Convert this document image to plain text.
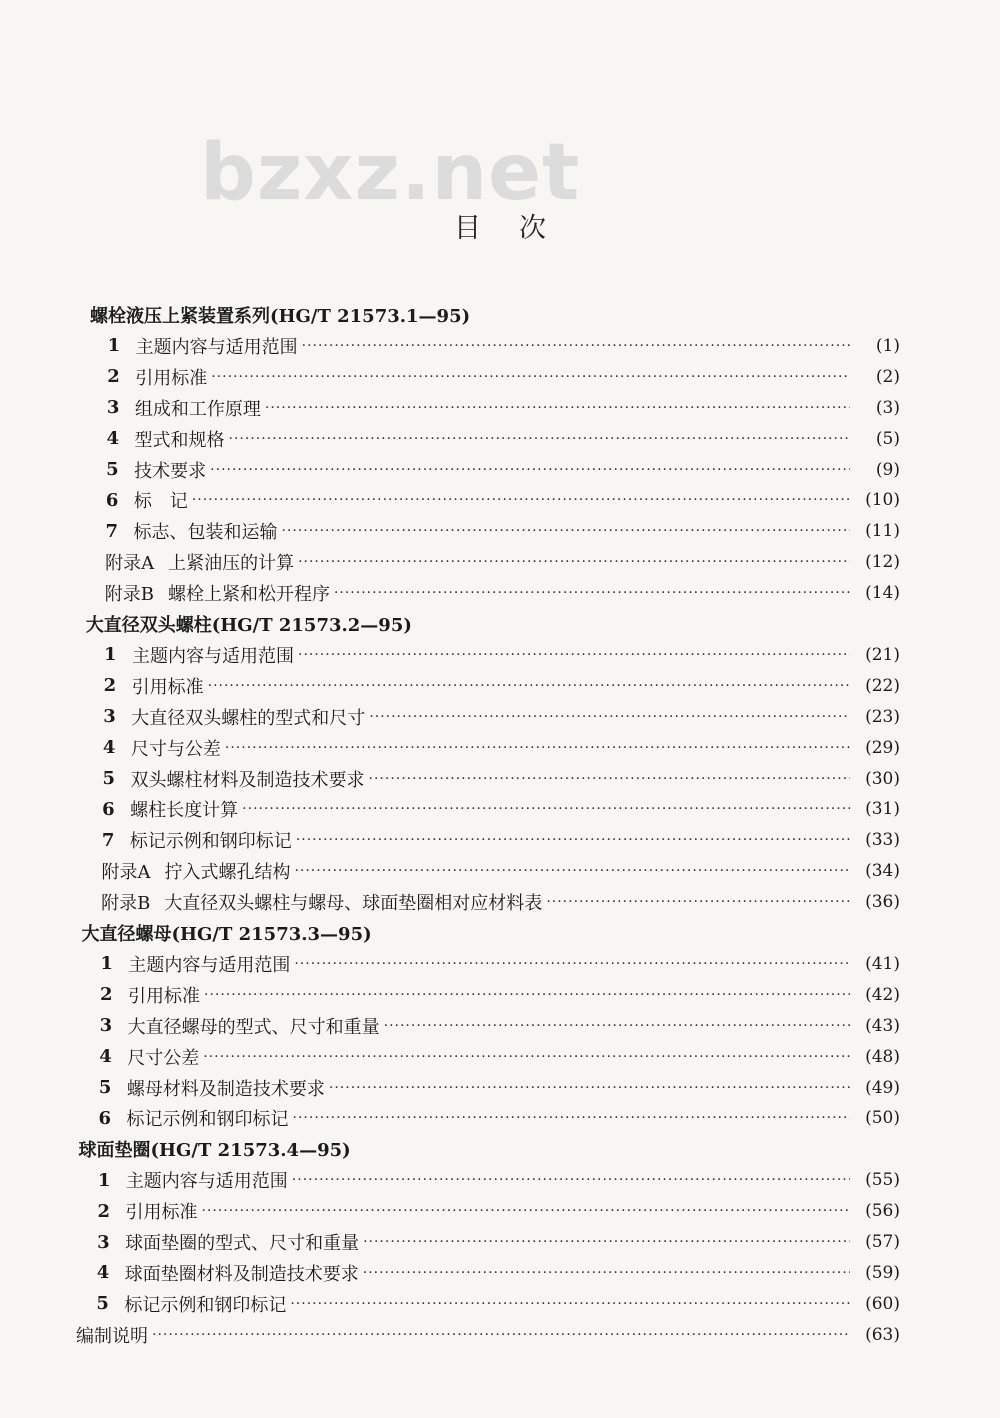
bzxz.net
目次
螺栓液压上紧装置系列(HG/T 21573.1—95)
1 主题内容与适用范围 ·····	(1)
2 引用标准 ·····	(2)
3 组成和工作原理 ·····	(3)
4 型式和规格 ·····	(5)
5 技术要求 ·····	(9)
6 标　记 ·····	(10)
7 标志、包装和运输 ·····	(11)
附录A 上紧油压的计算 ·····	(12)
附录B 螺栓上紧和松开程序 ·····	(14)
大直径双头螺柱(HG/T 21573.2—95)
1 主题内容与适用范围 ·····	(21)
2 引用标准 ·····	(22)
3 大直径双头螺柱的型式和尺寸 ·····	(23)
4 尺寸与公差 ·····	(29)
5 双头螺柱材料及制造技术要求 ·····	(30)
6 螺柱长度计算 ·····	(31)
7 标记示例和钢印标记 ·····	(33)
附录A 拧入式螺孔结构 ·····	(34)
附录B 大直径双头螺柱与螺母、球面垫圈相对应材料表 ·····	(36)
大直径螺母(HG/T 21573.3—95)
1 主题内容与适用范围 ·····	(41)
2 引用标准 ·····	(42)
3 大直径螺母的型式、尺寸和重量 ·····	(43)
4 尺寸公差 ·····	(48)
5 螺母材料及制造技术要求 ·····	(49)
6 标记示例和钢印标记 ·····	(50)
球面垫圈(HG/T 21573.4—95)
1 主题内容与适用范围 ·····	(55)
2 引用标准 ·····	(56)
3 球面垫圈的型式、尺寸和重量 ·····	(57)
4 球面垫圈材料及制造技术要求 ·····	(59)
5 标记示例和钢印标记 ·····	(60)
编制说明 ·····	(63)
